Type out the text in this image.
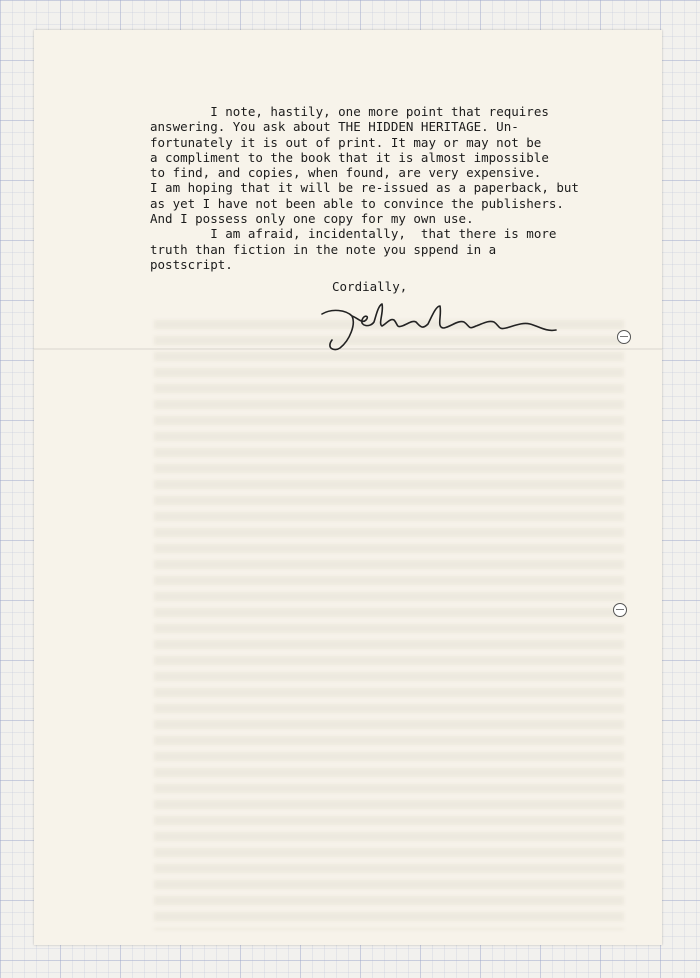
I note, hastily, one more point that requires
answering. You ask about THE HIDDEN HERITAGE. Un-
fortunately it is out of print. It may or may not be
a compliment to the book that it is almost impossible
to find, and copies, when found, are very expensive.
I am hoping that it will be re-issued as a paperback, but
as yet I have not been able to convince the publishers.
And I possess only one copy for my own use.

I am afraid, incidentally,  that there is more
truth than fiction in the note you sppend in a
postscript.

Cordially,
